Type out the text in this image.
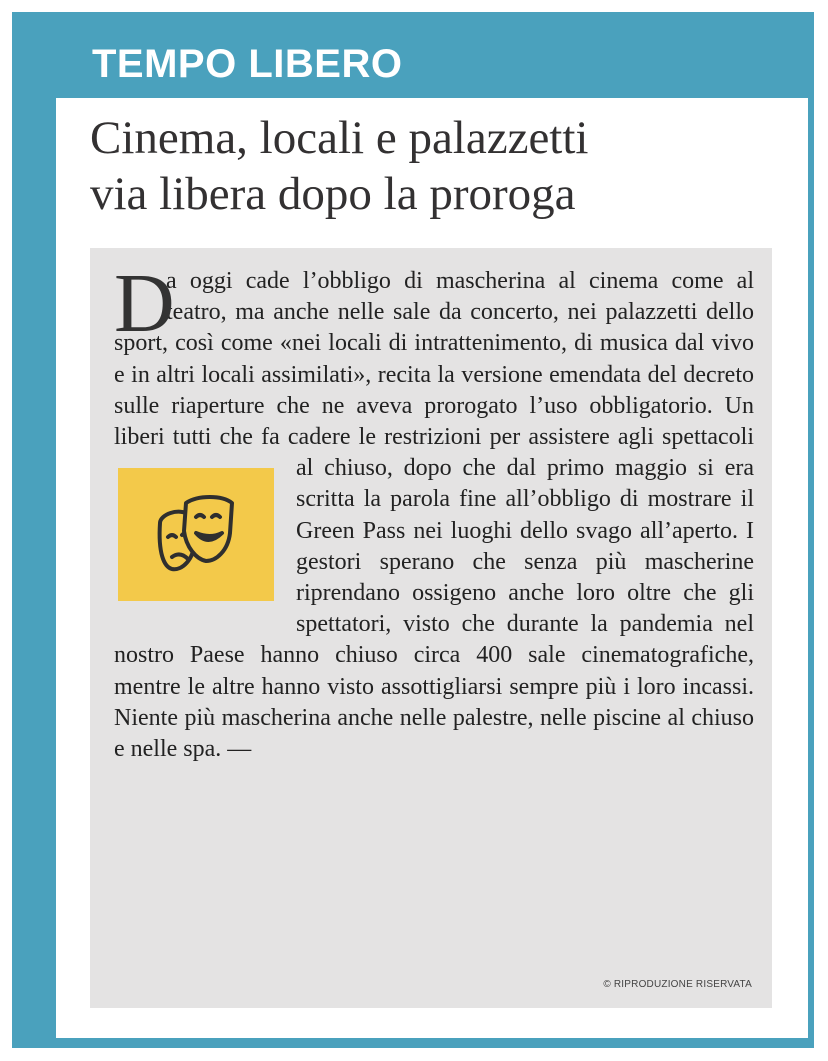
TEMPO LIBERO
Cinema, locali e palazzetti
via libera dopo la proroga
D
a oggi cade l’obbligo di mascherina al cinema come al teatro, ma anche nelle sale da concerto, nei palazzetti dello sport, così come «nei locali di intrattenimento, di musica dal vivo e in altri locali assimilati», recita la versione emendata del decreto sulle riaperture che ne aveva prorogato l’uso obbligatorio. Un liberi tutti che fa cadere le restrizioni per assistere agli spettacoli al chiuso, dopo che dal primo maggio si era scritta la parola fine all’obbligo di mostrare il Green Pass nei luoghi dello svago all’aperto. I gestori sperano che senza più mascherine riprendano ossigeno anche loro oltre che gli spettatori, visto che durante la pandemia nel nostro Paese hanno chiuso circa 400 sale cinematografiche, mentre le altre hanno visto assottigliarsi sempre più i loro incassi. Niente più mascherina anche nelle palestre, nelle piscine al chiuso e nelle spa. —
© RIPRODUZIONE RISERVATA
